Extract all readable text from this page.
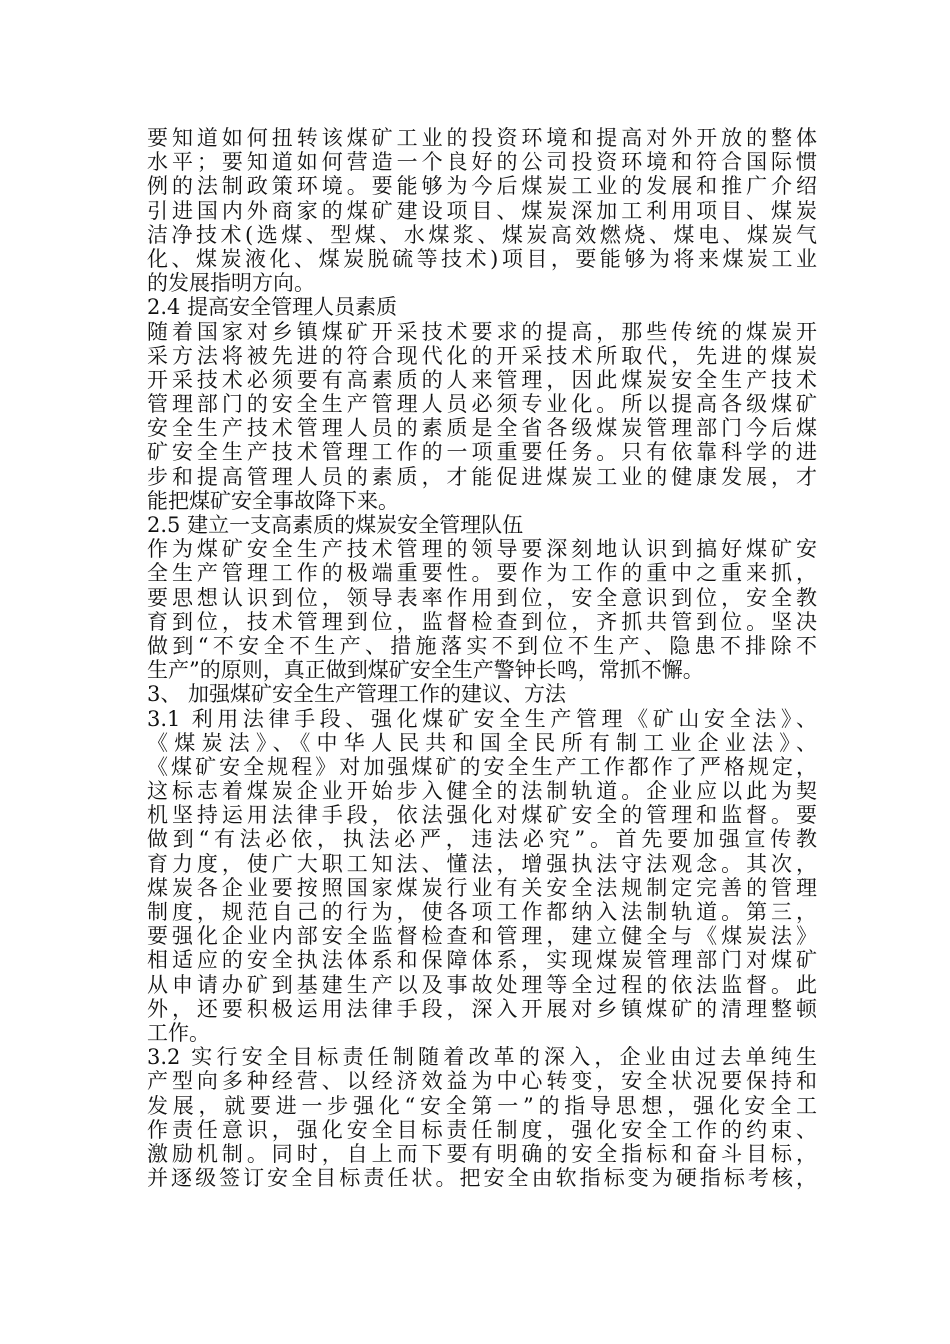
要知道如何扭转该煤矿工业的投资环境和提高对外开放的整体
水平；要知道如何营造一个良好的公司投资环境和符合国际惯
例的法制政策环境。要能够为今后煤炭工业的发展和推广介绍
引进国内外商家的煤矿建设项目、煤炭深加工利用项目、煤炭
洁净技术(选煤、型煤、水煤浆、煤炭高效燃烧、煤电、煤炭气
化、煤炭液化、煤炭脱硫等技术)项目，要能够为将来煤炭工业
的发展指明方向。
2.4 提高安全管理人员素质
随着国家对乡镇煤矿开采技术要求的提高，那些传统的煤炭开
采方法将被先进的符合现代化的开采技术所取代，先进的煤炭
开采技术必须要有高素质的人来管理，因此煤炭安全生产技术
管理部门的安全生产管理人员必须专业化。所以提高各级煤矿
安全生产技术管理人员的素质是全省各级煤炭管理部门今后煤
矿安全生产技术管理工作的一项重要任务。只有依靠科学的进
步和提高管理人员的素质，才能促进煤炭工业的健康发展，才
能把煤矿安全事故降下来。
2.5 建立一支高素质的煤炭安全管理队伍
作为煤矿安全生产技术管理的领导要深刻地认识到搞好煤矿安
全生产管理工作的极端重要性。要作为工作的重中之重来抓，
要思想认识到位，领导表率作用到位，安全意识到位，安全教
育到位，技术管理到位，监督检查到位，齐抓共管到位。坚决
做到“不安全不生产、措施落实不到位不生产、隐患不排除不
生产”的原则，真正做到煤矿安全生产警钟长鸣，常抓不懈。
3、 加强煤矿安全生产管理工作的建议、方法
3.1 利用法律手段、强化煤矿安全生产管理《矿山安全法》、
《煤炭法》、《中华人民共和国全民所有制工业企业法》、
《煤矿安全规程》对加强煤矿的安全生产工作都作了严格规定，
这标志着煤炭企业开始步入健全的法制轨道。企业应以此为契
机坚持运用法律手段，依法强化对煤矿安全的管理和监督。要
做到“有法必依，执法必严，违法必究”。首先要加强宣传教
育力度，使广大职工知法、懂法，增强执法守法观念。其次，
煤炭各企业要按照国家煤炭行业有关安全法规制定完善的管理
制度，规范自己的行为，使各项工作都纳入法制轨道。第三，
要强化企业内部安全监督检查和管理，建立健全与《煤炭法》
相适应的安全执法体系和保障体系，实现煤炭管理部门对煤矿
从申请办矿到基建生产以及事故处理等全过程的依法监督。此
外，还要积极运用法律手段，深入开展对乡镇煤矿的清理整顿
工作。
3.2 实行安全目标责任制随着改革的深入，企业由过去单纯生
产型向多种经营、以经济效益为中心转变，安全状况要保持和
发展，就要进一步强化“安全第一”的指导思想，强化安全工
作责任意识，强化安全目标责任制度，强化安全工作的约束、
激励机制。同时，自上而下要有明确的安全指标和奋斗目标，
并逐级签订安全目标责任状。把安全由软指标变为硬指标考核，
